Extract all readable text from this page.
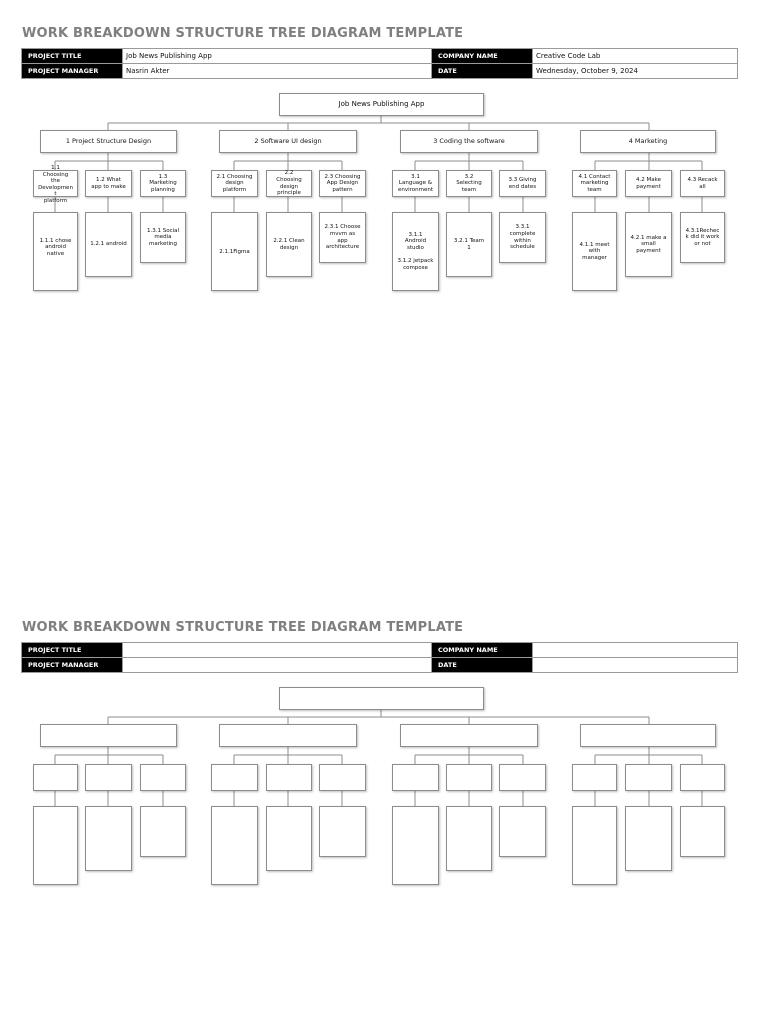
WORK BREAKDOWN STRUCTURE TREE DIAGRAM TEMPLATE
PROJECT TITLE	Job News Publishing App	COMPANY NAME	Creative Code Lab
PROJECT MANAGER	Nasrin Akter	DATE	Wednesday, October 9, 2024
Job News Publishing App
1 Project Structure Design	2 Software UI design	3 Coding the software	4 Marketing
1.1
Choosing
the
Developmen
t
platform
1.2 What
app to make
1.3
Marketing
planning
2.1 Choosing
design
platform
2.2
Choosing
design
principle
2.3 Choosing
App Design
pattern
3.1
Language &
environment
3.2
Selecting
team
3.3 Giving
end dates
4.1 Contact
marketing
team
4.2 Make
payment
4.3 Recack
all
1.1.1 chose
android
native
1.2.1 android
1.3.1 Social
media
marketing
2.1.1Figma
2.2.1 Clean
design
2.3.1 Choose
mvvm as
app
architecture
3.1.1
Android
studio

3.1.2 jetpack
compose
3.2.1 Team
1
3.3.1
complete
within
schedule	4.1.1 meet
with
manager
4.2.1 make a
small
payment
4.3.1Rechec
k did it work
or not
WORK BREAKDOWN STRUCTURE TREE DIAGRAM TEMPLATE
PROJECT TITLE		COMPANY NAME	
PROJECT MANAGER		DATE	
